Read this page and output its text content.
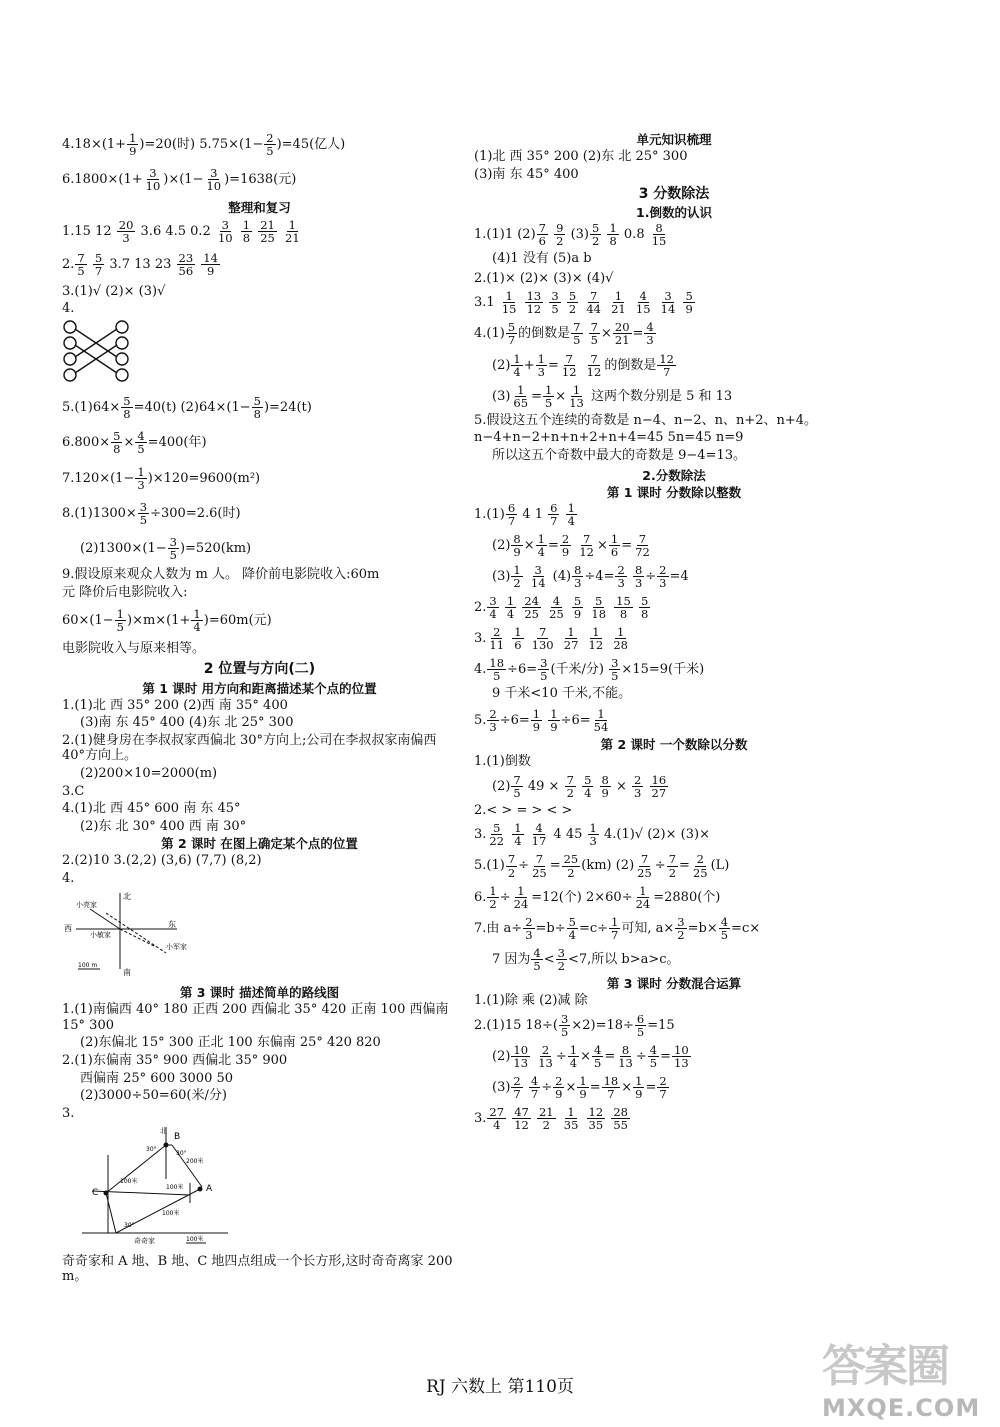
$4.18\times(1+ \frac{1}{9} )=20$(时) $5.75\times(1- \frac{2}{5} )=45$(亿人)
$6.1800\times(1+ \frac{3}{10} )\times(1- \frac{3}{10} )=1638$(元)
整理和复习
1.15 $12 \frac{20}{3} 3.6$ 4.5 $0.2 \frac{3}{10}$
$\frac{1}{8}$
$\frac{21}{25}$
$\frac{1}{21}$
2. $\frac{7}{5}$
$\frac{5}{7} 3.7$ 13 $23 \frac{23}{56}$
$\frac{14}{9}$
3.(1)√ (2)× (3)√
4.
$5.(1)64\times \frac{5}{8} =40(t)$ $(2)64\times(1- \frac{5}{8} )=24(t)$
$6.800\times \frac{5}{8} \times \frac{4}{5} =400$(年)
$7.120\times(1- \frac{1}{3} )\times 120=9600(m^2)$
$8.(1)1300\times \frac{3}{5} \div 300=2.6$(时)
$(2)1300\times(1- \frac{3}{5} )=520(km)$
9.假设原来观众人数为 m 人。 降价前电影院收入:60m
元 降价后电影院收入:
$60\times(1- \frac{1}{5} )\times m\times(1+ \frac{1}{4} )=60m$(元)
电影院收入与原来相等。
2 位置与方向(二)
第 1 课时 用方向和距离描述某个点的位置
1.(1)北 西 35° 200 (2)西 南 35° 400
(3)南 东 45° 400 (4)东 北 25° 300
2.(1)健身房在李叔叔家西偏北 30°方向上;公司在李叔叔家南偏西 40°方向上。
(2)200×10=2000(m)
3.C
4.(1)北 西 45° 600 南 东 45°
(2)东 北 30° 400 西 南 30°
第 2 课时 在图上确定某个点的位置
2.(2)10 3.(2,2) (3,6) (7,7) (8,2)
4.
北
南
东
西
小亮家
小敏家
小军家
100 m
第 3 课时 描述简单的路线图
1.(1)南偏西 40° 180 正西 200 西偏北 35° 420 正南 100 西偏南 15° 300
(2)东偏北 15° 300 正北 100 东偏南 25° 420 820
2.(1)东偏南 35° 900 西偏北 35° 900
西偏南 25° 600 3000 50
(2)3000÷50=60(米/分)
3.
北
B
C	A
奇奇家
100米
200米
100米
100米
30°
30°
30°
100米
奇奇家和 A 地、B 地、C 地四点组成一个长方形,这时奇奇离家 200 m。
单元知识梳理
(1)北 西 35° 200 (2)东 北 25° 300
(3)南 东 45° 400
3 分数除法
1.倒数的认识
1.(1)1 $(2) \frac{7}{6}$
$\frac{9}{2} (3) \frac{5}{2}$
$\frac{1}{8} 0.8 \frac{8}{15}$
(4)1 没有 (5)a b
2.(1)× (2)× (3)× (4)√
$3.1 \frac{1}{15}$
$\frac{13}{12}$
$\frac{3}{5}$
$\frac{5}{2}$
$\frac{7}{44}$
$\frac{1}{21}$
$\frac{4}{15}$
$\frac{3}{14}$
$\frac{5}{9}$
$4.(1) \frac{5}{7}$ 的倒数是 $\frac{7}{5}$
$\frac{7}{5} \times \frac{20}{21} = \frac{4}{3}$
$(2) \frac{1}{4} + \frac{1}{3} = \frac{7}{12}$
$\frac{7}{12}$ 的倒数是 $\frac{12}{7}$
$(3) \frac{1}{65} = \frac{1}{5} \times \frac{1}{13}$ 这两个数分别是 5 和 13
5.假设这五个连续的奇数是 n−4、n−2、n、n+2、n+4。
n−4+n−2+n+n+2+n+4=45 5n=45 n=9
所以这五个奇数中最大的奇数是 9−4=13。
2.分数除法
第 1 课时 分数除以整数
$1.(1) \frac{6}{7} 4$ $1 \frac{6}{7}$
$\frac{1}{4}$
$(2) \frac{8}{9} \times \frac{1}{4} = \frac{2}{9}$
$\frac{7}{12} \times \frac{1}{6} = \frac{7}{72}$
$(3) \frac{1}{2}$
$\frac{3}{14} (4) \frac{8}{3} \div 4= \frac{2}{3}$
$\frac{8}{3} \div \frac{2}{3} =4$
2. $\frac{3}{4}$
$\frac{1}{4}$
$\frac{24}{25}$
$\frac{4}{25}$
$\frac{5}{9}$
$\frac{5}{18}$
$\frac{15}{8}$
$\frac{5}{8}$
3. $\frac{2}{11}$
$\frac{1}{6}$
$\frac{7}{130}$
$\frac{1}{27}$
$\frac{1}{12}$
$\frac{1}{28}$
4. $\frac{18}{5} \div 6= \frac{3}{5}$ (千米/分) $\frac{3}{5} \times 15=9$(千米)
9 千米<10 千米,不能。
5. $\frac{2}{3} \div 6= \frac{1}{9}$
$\frac{1}{9} \div 6= \frac{1}{54}$
第 2 课时 一个数除以分数
1.(1)倒数
$(2) \frac{7}{5} 49 \times \frac{7}{2}$
$\frac{5}{4}$
$\frac{8}{9} \times \frac{2}{3}$
$\frac{16}{27}$
2.< > = > < >
3. $\frac{5}{22}$
$\frac{1}{4}$
$\frac{4}{17} 4$ $45 \frac{1}{3} 4.(1)√$ (2)× (3)×
$5.(1) \frac{7}{2} \div \frac{7}{25} = \frac{25}{2} (km)$ $(2) \frac{7}{25} \div \frac{7}{2} = \frac{2}{25} (L)$
6. $\frac{1}{2} \div \frac{1}{24} =12$(个) $2\times 60\div \frac{1}{24} =2880$(个)
7.由 $a\div \frac{2}{3} =b\div \frac{5}{4} =c\div \frac{1}{7}$ 可知, $a\times \frac{3}{2} =b\times \frac{4}{5} =c\times$
7 因为 $\frac{4}{5} < \frac{3}{2} <7$,所以 b>a>c。
第 3 课时 分数混合运算
1.(1)除 乘 (2)减 除
2.(1)15 $18\div( \frac{3}{5} \times 2)=18\div \frac{6}{5} =15$
$(2) \frac{10}{13}$
$\frac{2}{13} \div \frac{1}{4} \times \frac{4}{5} = \frac{8}{13} \div \frac{4}{5} = \frac{10}{13}$
$(3) \frac{2}{7}$
$\frac{4}{7} \div \frac{2}{9} \times \frac{1}{9} = \frac{18}{7} \times \frac{1}{9} = \frac{2}{7}$
3. $\frac{27}{4}$
$\frac{47}{12}$
$\frac{21}{2}$
$\frac{1}{35}$
$\frac{12}{35}$
$\frac{28}{55}$
RJ 六数上 第110页	答案圈
MXQE.COM
